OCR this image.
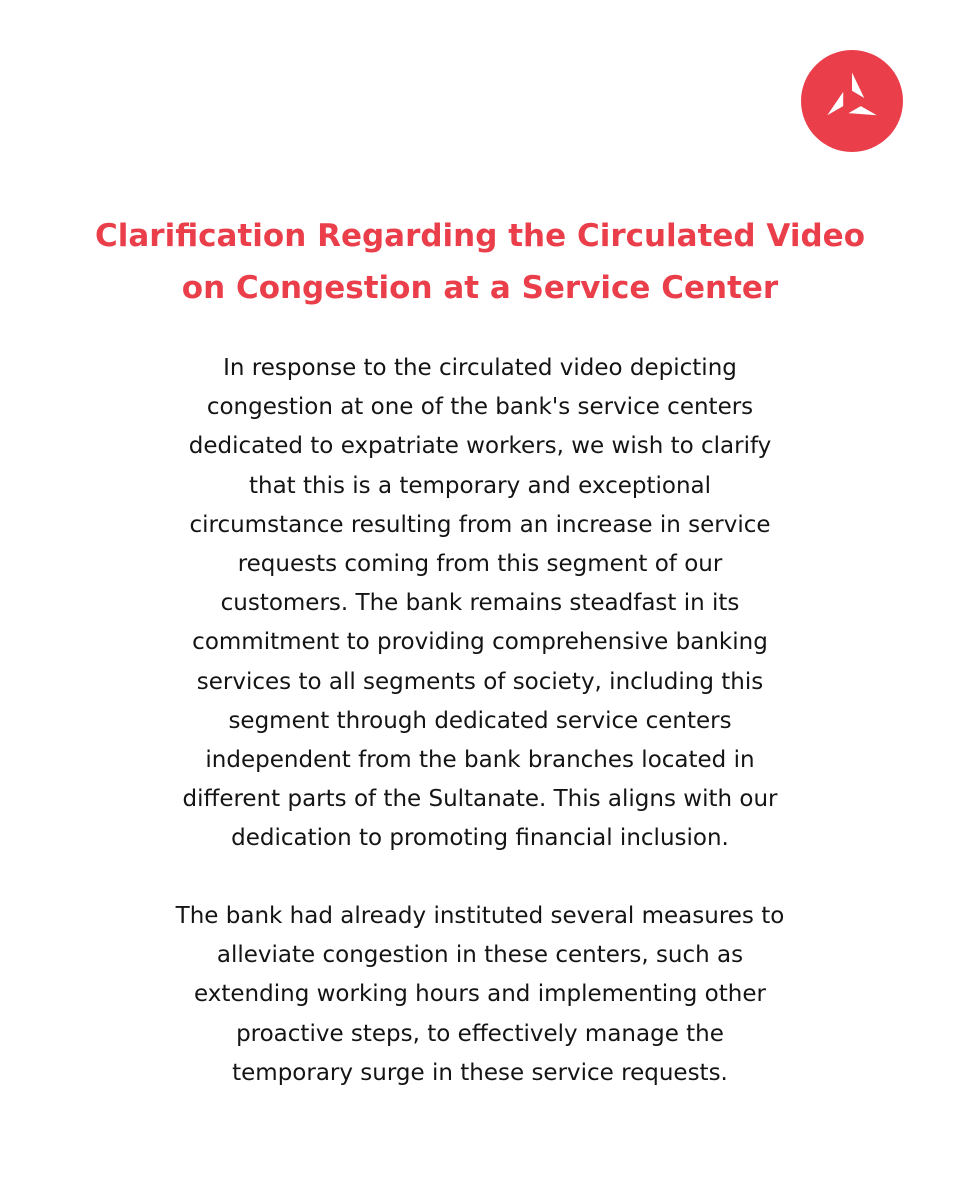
Clarification Regarding the Circulated Video
on Congestion at a Service Center

In response to the circulated video depicting
congestion at one of the bank's service centers
dedicated to expatriate workers, we wish to clarify
that this is a temporary and exceptional
circumstance resulting from an increase in service
requests coming from this segment of our
customers. The bank remains steadfast in its
commitment to providing comprehensive banking
services to all segments of society, including this
segment through dedicated service centers
independent from the bank branches located in
different parts of the Sultanate. This aligns with our
dedication to promoting financial inclusion.

The bank had already instituted several measures to
alleviate congestion in these centers, such as
extending working hours and implementing other
proactive steps, to effectively manage the
temporary surge in these service requests.
